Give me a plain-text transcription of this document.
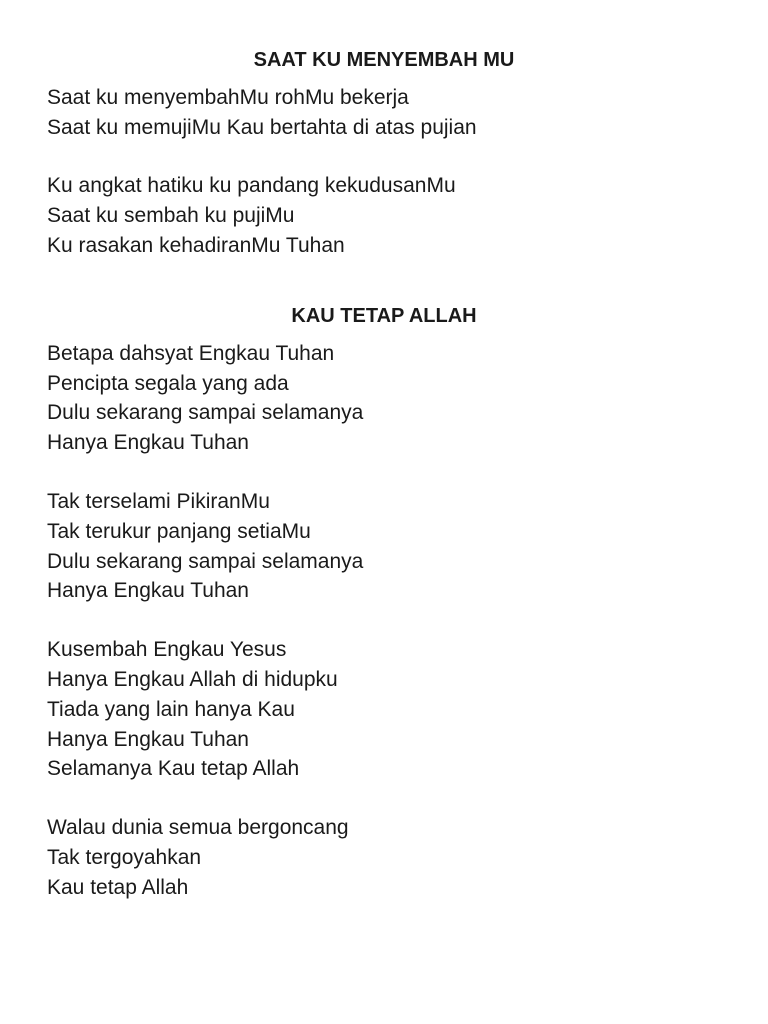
SAAT KU MENYEMBAH MU
Saat ku menyembahMu rohMu bekerja
Saat ku memujiMu Kau bertahta di atas pujian
Ku angkat hatiku ku pandang kekudusanMu
Saat ku sembah ku pujiMu
Ku rasakan kehadiranMu Tuhan
KAU TETAP ALLAH
Betapa dahsyat Engkau Tuhan
Pencipta segala yang ada
Dulu sekarang sampai selamanya
Hanya Engkau Tuhan
Tak terselami PikiranMu
Tak terukur panjang setiaMu
Dulu sekarang sampai selamanya
Hanya Engkau Tuhan
Kusembah Engkau Yesus
Hanya Engkau Allah di hidupku
Tiada yang lain hanya Kau
Hanya Engkau Tuhan
Selamanya Kau tetap Allah
Walau dunia semua bergoncang
Tak tergoyahkan
Kau tetap Allah
